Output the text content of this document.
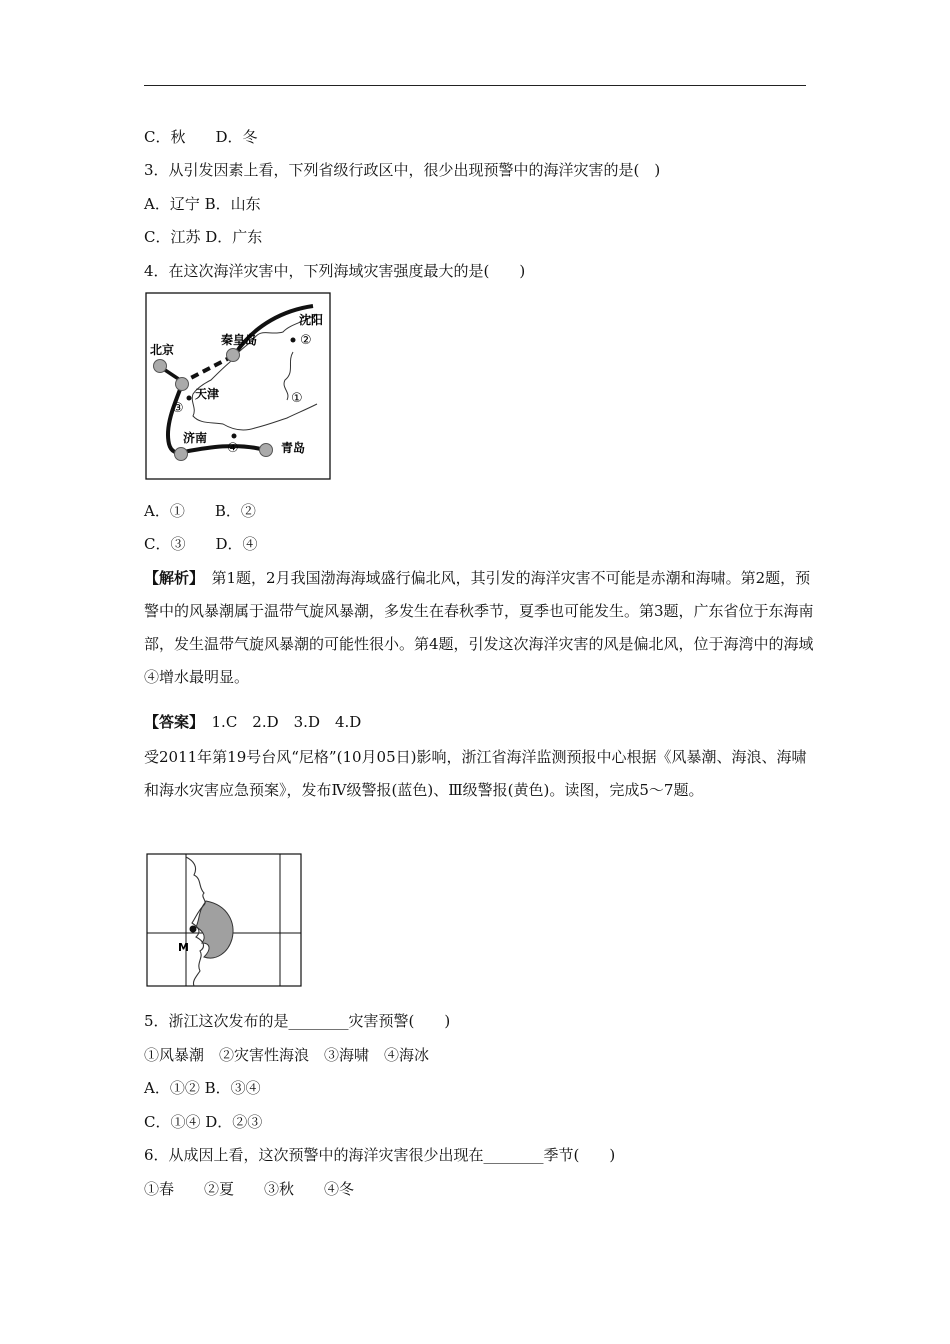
C．秋　　D．冬
3．从引发因素上看，下列省级行政区中，很少出现预警中的海洋灾害的是(　)
A．辽宁 B．山东
C．江苏 D．广东
4．在这次海洋灾害中，下列海域灾害强度最大的是(　　)
秦皇岛
沈阳
②
北京
天津
③
①
济南
④	青岛
A．①　　B．②
C．③　　D．④
【解析】　第1题，2月我国渤海海域盛行偏北风，其引发的海洋灾害不可能是赤潮和海啸。第2题，预警中的风暴潮属于温带气旋风暴潮，多发生在春秋季节，夏季也可能发生。第3题，广东省位于东海南部，发生温带气旋风暴潮的可能性很小。第4题，引发这次海洋灾害的风是偏北风，位于海湾中的海域④增水最明显。
【答案】　1.C　2.D　3.D　4.D
受2011年第19号台风“尼格”(10月05日)影响，浙江省海洋监测预报中心根据《风暴潮、海浪、海啸和海水灾害应急预案》，发布Ⅳ级警报(蓝色)、Ⅲ级警报(黄色)。读图，完成5～7题。
M
5．浙江这次发布的是________灾害预警(　　)
①风暴潮　②灾害性海浪　③海啸　④海冰
A．①② B．③④
C．①④ D．②③
6．从成因上看，这次预警中的海洋灾害很少出现在________季节(　　)
①春　　②夏　　③秋　　④冬
